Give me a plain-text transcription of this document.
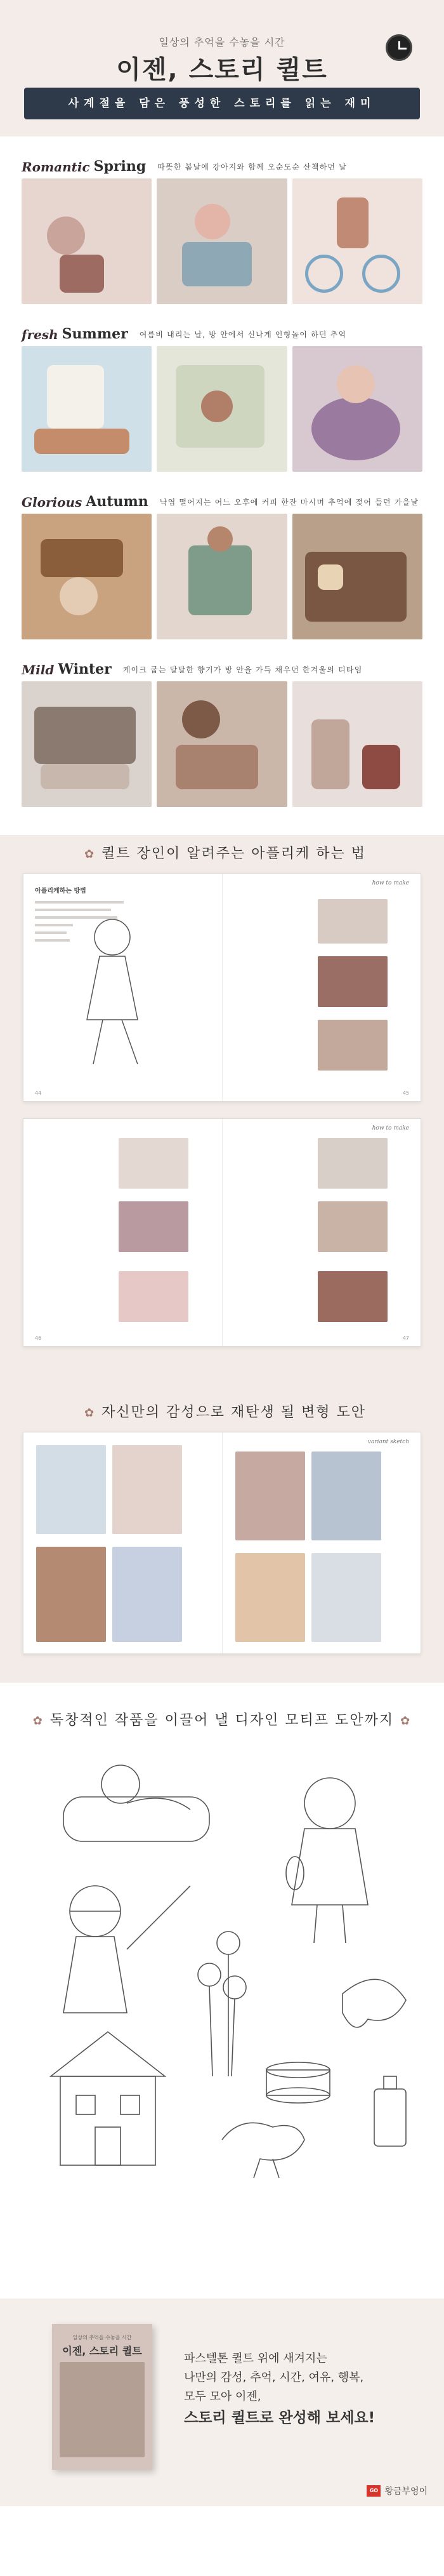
일상의 추억을 수놓을 시간
이젠, 스토리 퀼트
사계절을 담은 풍성한 스토리를 읽는 재미
Romantic Spring 따뜻한 봄날에 강아지와 함께 오순도순 산책하던 날
fresh Summer 여름비 내리는 날, 방 안에서 신나게 인형놀이 하던 추억
Glorious Autumn 낙엽 떨어지는 어느 오후에 커피 한잔 마시며 추억에 젖어 들던 가을날
Mild Winter 케이크 굽는 달달한 향기가 방 안을 가득 채우던 한겨울의 티타임
✿ 퀼트 장인이 알려주는 아플리케 하는 법
아플리케하는 방법
44
how to make
45
46
how to make
47
✿ 자신만의 감성으로 재탄생 될 변형 도안
variant sketch
✿ 독창적인 작품을 이끌어 낼 디자인 모티프 도안까지 ✿
일상의 추억을 수놓을 시간
이젠, 스토리 퀼트
파스텔톤 퀼트 위에 새겨지는
나만의 감성, 추억, 시간, 여유, 행복,
모두 모아 이젠,
스토리 퀼트로 완성해 보세요!
GO 황금부엉이
